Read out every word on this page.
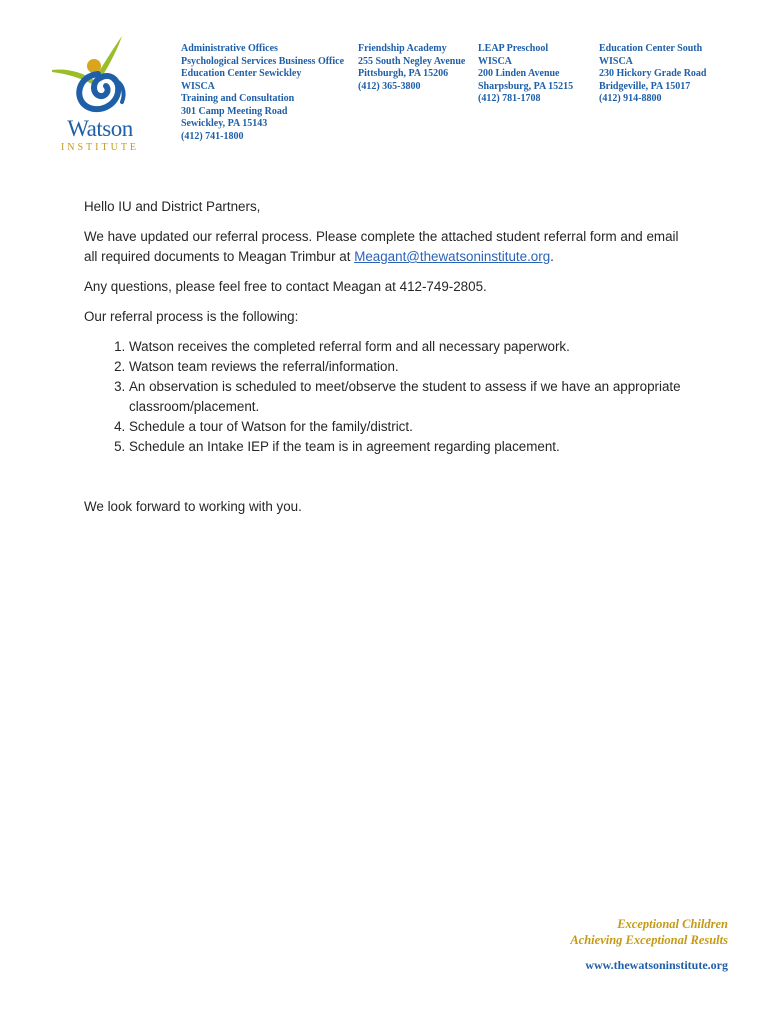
Watson
INSTITUTE
Administrative Offices
Psychological Services Business Office
Education Center Sewickley
WISCA
Training and Consultation
301 Camp Meeting Road
Sewickley, PA 15143
(412) 741-1800
Friendship Academy
255 South Negley Avenue
Pittsburgh, PA 15206
(412) 365-3800
LEAP Preschool
WISCA
200 Linden Avenue
Sharpsburg, PA 15215
(412) 781-1708
Education Center South
WISCA
230 Hickory Grade Road
Bridgeville, PA 15017
(412) 914-8800

Hello IU and District Partners,

We have updated our referral process. Please complete the attached student referral form and email all required documents to Meagan Trimbur at Meagant@thewatsoninstitute.org.

Any questions, please feel free to contact Meagan at 412-749-2805.

Our referral process is the following:

1. Watson receives the completed referral form and all necessary paperwork.
2. Watson team reviews the referral/information.
3. An observation is scheduled to meet/observe the student to assess if we have an appropriate classroom/placement.
4. Schedule a tour of Watson for the family/district.
5. Schedule an Intake IEP if the team is in agreement regarding placement.

We look forward to working with you.

Exceptional Children
Achieving Exceptional Results
www.thewatsoninstitute.org
